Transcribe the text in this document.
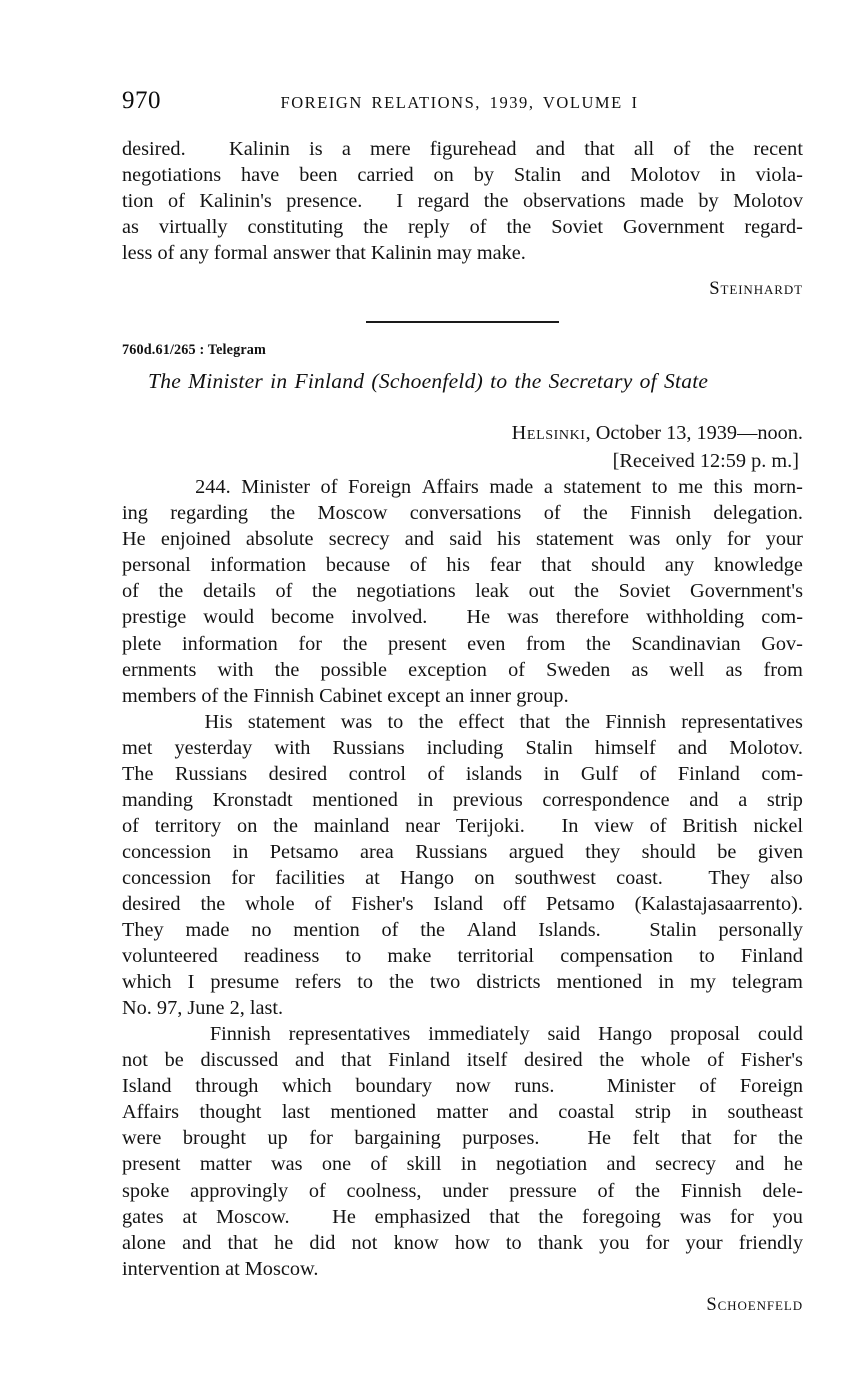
970	FOREIGN RELATIONS, 1939, VOLUME I
desired. Kalinin is a mere figurehead and that all of the recent
negotiations have been carried on by Stalin and Molotov in viola-
tion of Kalinin's presence. I regard the observations made by Molotov
as virtually constituting the reply of the Soviet Government regard-
less of any formal answer that Kalinin may make.
Steinhardt
760d.61/265 : Telegram
The Minister in Finland (Schoenfeld) to the Secretary of State
Helsinki, October 13, 1939—noon.
[Received 12:59 p. m.]
244. Minister of Foreign Affairs made a statement to me this morn-
ing regarding the Moscow conversations of the Finnish delegation.
He enjoined absolute secrecy and said his statement was only for your
personal information because of his fear that should any knowledge
of the details of the negotiations leak out the Soviet Government's
prestige would become involved. He was therefore withholding com-
plete information for the present even from the Scandinavian Gov-
ernments with the possible exception of Sweden as well as from
members of the Finnish Cabinet except an inner group.
His statement was to the effect that the Finnish representatives
met yesterday with Russians including Stalin himself and Molotov.
The Russians desired control of islands in Gulf of Finland com-
manding Kronstadt mentioned in previous correspondence and a strip
of territory on the mainland near Terijoki. In view of British nickel
concession in Petsamo area Russians argued they should be given
concession for facilities at Hango on southwest coast. They also
desired the whole of Fisher's Island off Petsamo (Kalastajasaarrento).
They made no mention of the Aland Islands. Stalin personally
volunteered readiness to make territorial compensation to Finland
which I presume refers to the two districts mentioned in my telegram
No. 97, June 2, last.
Finnish representatives immediately said Hango proposal could
not be discussed and that Finland itself desired the whole of Fisher's
Island through which boundary now runs.	Minister of Foreign
Affairs thought last mentioned matter and coastal strip in southeast
were brought up for bargaining purposes. He felt that for the
present matter was one of skill in negotiation and secrecy and he
spoke approvingly of coolness, under pressure of the Finnish dele-
gates at Moscow. He emphasized that the foregoing was for you
alone and that he did not know how to thank you for your friendly
intervention at Moscow.
Schoenfeld
